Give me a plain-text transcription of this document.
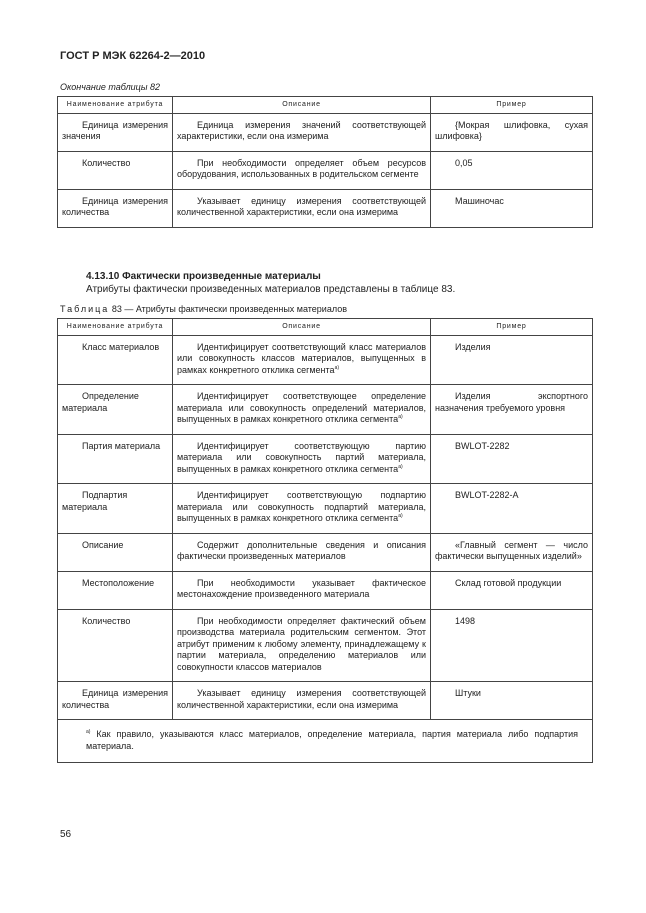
ГОСТ Р МЭК 62264-2—2010
Окончание таблицы 82
Наименование атрибута	Описание	Пример

Единица измерения значения	Единица измерения значений соответствующей характеристики, если она измерима	{Мокрая шлифовка, сухая шлифовка}

Количество	При необходимости определяет объем ресурсов оборудования, использованных в родительском сегменте	0,05

Единица измерения количества	Указывает единицу измерения соответствующей количественной характеристики, если она измерима	Машиночас
4.13.10 Фактически произведенные материалы
Атрибуты фактически произведенных материалов представлены в таблице 83.
Таблица 83 — Атрибуты фактически произведенных материалов
Наименование атрибута	Описание	Пример

Класс материалов	Идентифицирует соответствующий класс материалов или совокупность классов материалов, выпущенных в рамках конкретного отклика сегмента$^{a)}$	Изделия

Определение материала	Идентифицирует соответствующее определение материала или совокупность определений материалов, выпущенных в рамках конкретного отклика сегмента$^{a)}$	Изделия экспортного назначения требуемого уровня

Партия материала	Идентифицирует соответствующую партию материала или совокупность партий материала, выпущенных в рамках конкретного отклика сегмента$^{a)}$	BWLOT-2282

Подпартия материала	Идентифицирует соответствующую подпартию материала или совокупность подпартий материала, выпущенных в рамках конкретного отклика сегмента$^{a)}$	BWLOT-2282-A

Описание	Содержит дополнительные сведения и описания фактически произведенных материалов	«Главный сегмент — число фактически выпущенных изделий»

Местоположение	При необходимости указывает фактическое местонахождение произведенного материала	Склад готовой продукции

Количество	При необходимости определяет фактический объем производства материала родительским сегментом. Этот атрибут применим к любому элементу, принадлежащему к партии материала, определению материалов или совокупности классов материалов	1498

Единица измерения количества	Указывает единицу измерения соответствующей количественной характеристики, если она измерима	Штуки

$^{a)}$ Как правило, указываются класс материалов, определение материала, партия материала либо подпартия материала.		
56
